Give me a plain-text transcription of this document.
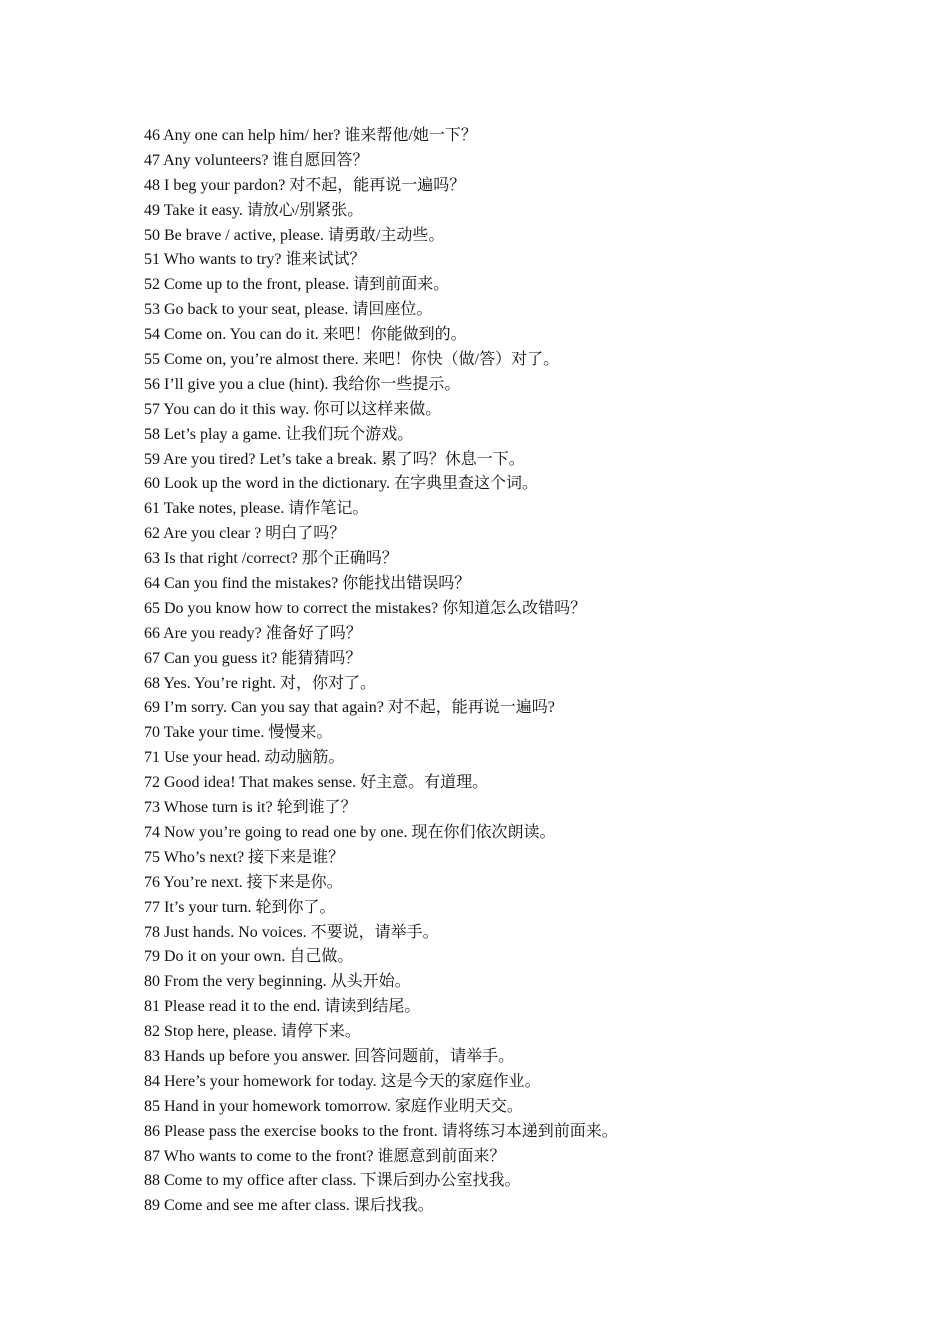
46 Any one can help him/ her? 谁来帮他/她一下？
47 Any volunteers? 谁自愿回答？
48 I beg your pardon? 对不起，能再说一遍吗？
49 Take it easy. 请放心/别紧张。
50 Be brave / active, please. 请勇敢/主动些。
51 Who wants to try? 谁来试试？
52 Come up to the front, please. 请到前面来。
53 Go back to your seat, please. 请回座位。
54 Come on. You can do it. 来吧！你能做到的。
55 Come on, you’re almost there. 来吧！你快（做/答）对了。
56 I’ll give you a clue (hint). 我给你一些提示。
57 You can do it this way. 你可以这样来做。
58 Let’s play a game. 让我们玩个游戏。
59 Are you tired? Let’s take a break. 累了吗？休息一下。
60 Look up the word in the dictionary. 在字典里查这个词。
61 Take notes, please. 请作笔记。
62 Are you clear ? 明白了吗？
63 Is that right /correct? 那个正确吗？
64 Can you find the mistakes? 你能找出错误吗？
65 Do you know how to correct the mistakes? 你知道怎么改错吗？
66 Are you ready? 准备好了吗？
67 Can you guess it? 能猜猜吗？
68 Yes. You’re right. 对，你对了。
69 I’m sorry. Can you say that again? 对不起，能再说一遍吗?
70 Take your time. 慢慢来。
71 Use your head. 动动脑筋。
72 Good idea! That makes sense. 好主意。有道理。
73 Whose turn is it? 轮到谁了？
74 Now you’re going to read one by one. 现在你们依次朗读。
75 Who’s next? 接下来是谁？
76 You’re next. 接下来是你。
77 It’s your turn. 轮到你了。
78 Just hands. No voices. 不要说，请举手。
79 Do it on your own. 自己做。
80 From the very beginning. 从头开始。
81 Please read it to the end. 请读到结尾。
82 Stop here, please. 请停下来。
83 Hands up before you answer. 回答问题前，请举手。
84 Here’s your homework for today. 这是今天的家庭作业。
85 Hand in your homework tomorrow. 家庭作业明天交。
86 Please pass the exercise books to the front. 请将练习本递到前面来。
87 Who wants to come to the front? 谁愿意到前面来？
88 Come to my office after class. 下课后到办公室找我。
89 Come and see me after class. 课后找我。
